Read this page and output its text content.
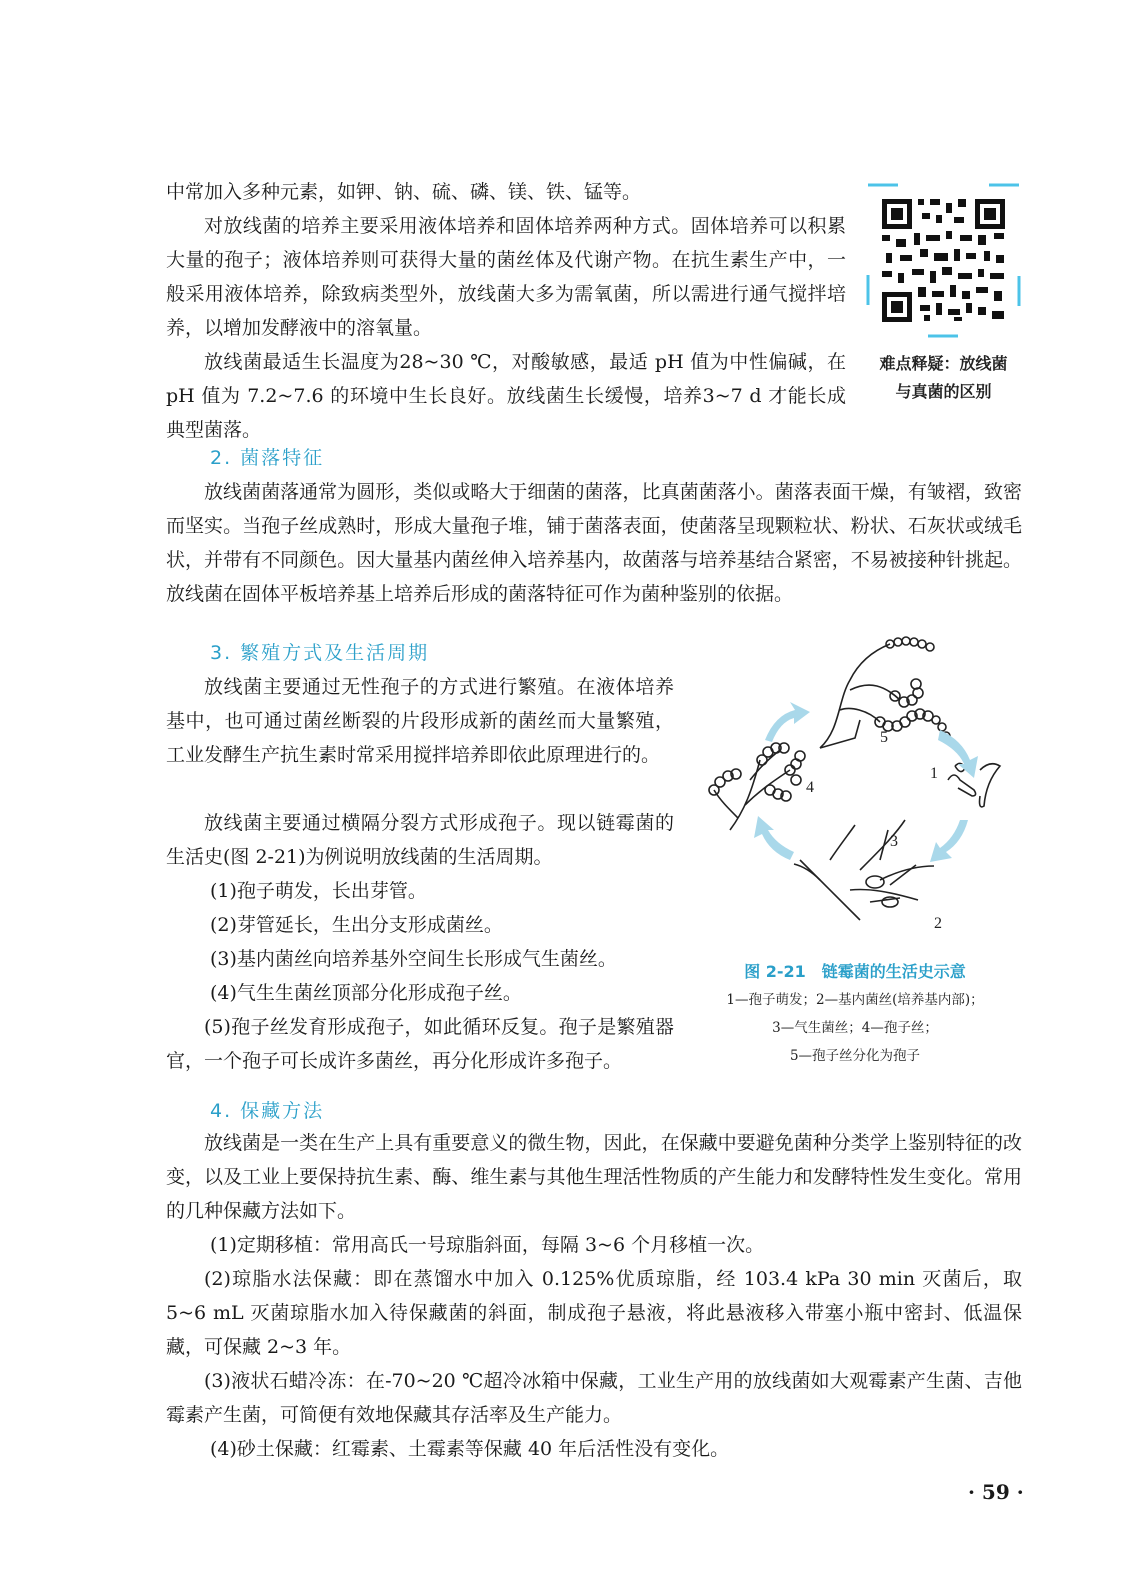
中常加入多种元素，如钾、钠、硫、磷、镁、铁、锰等。

对放线菌的培养主要采用液体培养和固体培养两种方式。固体培养可以积累大量的孢子；液体培养则可获得大量的菌丝体及代谢产物。在抗生素生产中，一般采用液体培养，除致病类型外，放线菌大多为需氧菌，所以需进行通气搅拌培养，以增加发酵液中的溶氧量。

放线菌最适生长温度为28~30 ℃，对酸敏感，最适 pH 值为中性偏碱，在 pH 值为 7.2~7.6 的环境中生长良好。放线菌生长缓慢，培养3~7 d 才能长成典型菌落。

难点释疑：放线菌
与真菌的区别

2. 菌落特征

放线菌菌落通常为圆形，类似或略大于细菌的菌落，比真菌菌落小。菌落表面干燥，有皱褶，致密而坚实。当孢子丝成熟时，形成大量孢子堆，铺于菌落表面，使菌落呈现颗粒状、粉状、石灰状或绒毛状，并带有不同颜色。因大量基内菌丝伸入培养基内，故菌落与培养基结合紧密，不易被接种针挑起。放线菌在固体平板培养基上培养后形成的菌落特征可作为菌种鉴别的依据。

3. 繁殖方式及生活周期

放线菌主要通过无性孢子的方式进行繁殖。在液体培养基中，也可通过菌丝断裂的片段形成新的菌丝而大量繁殖，工业发酵生产抗生素时常采用搅拌培养即依此原理进行的。

放线菌主要通过横隔分裂方式形成孢子。现以链霉菌的生活史(图 2-21)为例说明放线菌的生活周期。

(1)孢子萌发，长出芽管。

(2)芽管延长，生出分支形成菌丝。

(3)基内菌丝向培养基外空间生长形成气生菌丝。

(4)气生生菌丝顶部分化形成孢子丝。

(5)孢子丝发育形成孢子，如此循环反复。孢子是繁殖器官，一个孢子可长成许多菌丝，再分化形成许多孢子。

5
1
3
2
4
图 2-21　链霉菌的生活史示意
1—孢子萌发；2—基内菌丝(培养基内部)；
3—气生菌丝；4—孢子丝；
5—孢子丝分化为孢子

4. 保藏方法

放线菌是一类在生产上具有重要意义的微生物，因此，在保藏中要避免菌种分类学上鉴别特征的改变，以及工业上要保持抗生素、酶、维生素与其他生理活性物质的产生能力和发酵特性发生变化。常用的几种保藏方法如下。

(1)定期移植：常用高氏一号琼脂斜面，每隔 3~6 个月移植一次。

(2)琼脂水法保藏：即在蒸馏水中加入 0.125%优质琼脂，经 103.4 kPa 30 min 灭菌后，取 5~6 mL 灭菌琼脂水加入待保藏菌的斜面，制成孢子悬液，将此悬液移入带塞小瓶中密封、低温保藏，可保藏 2~3 年。

(3)液状石蜡冷冻：在-70~20 ℃超冷冰箱中保藏，工业生产用的放线菌如大观霉素产生菌、吉他霉素产生菌，可简便有效地保藏其存活率及生产能力。

(4)砂土保藏：红霉素、土霉素等保藏 40 年后活性没有变化。

· 59 ·
